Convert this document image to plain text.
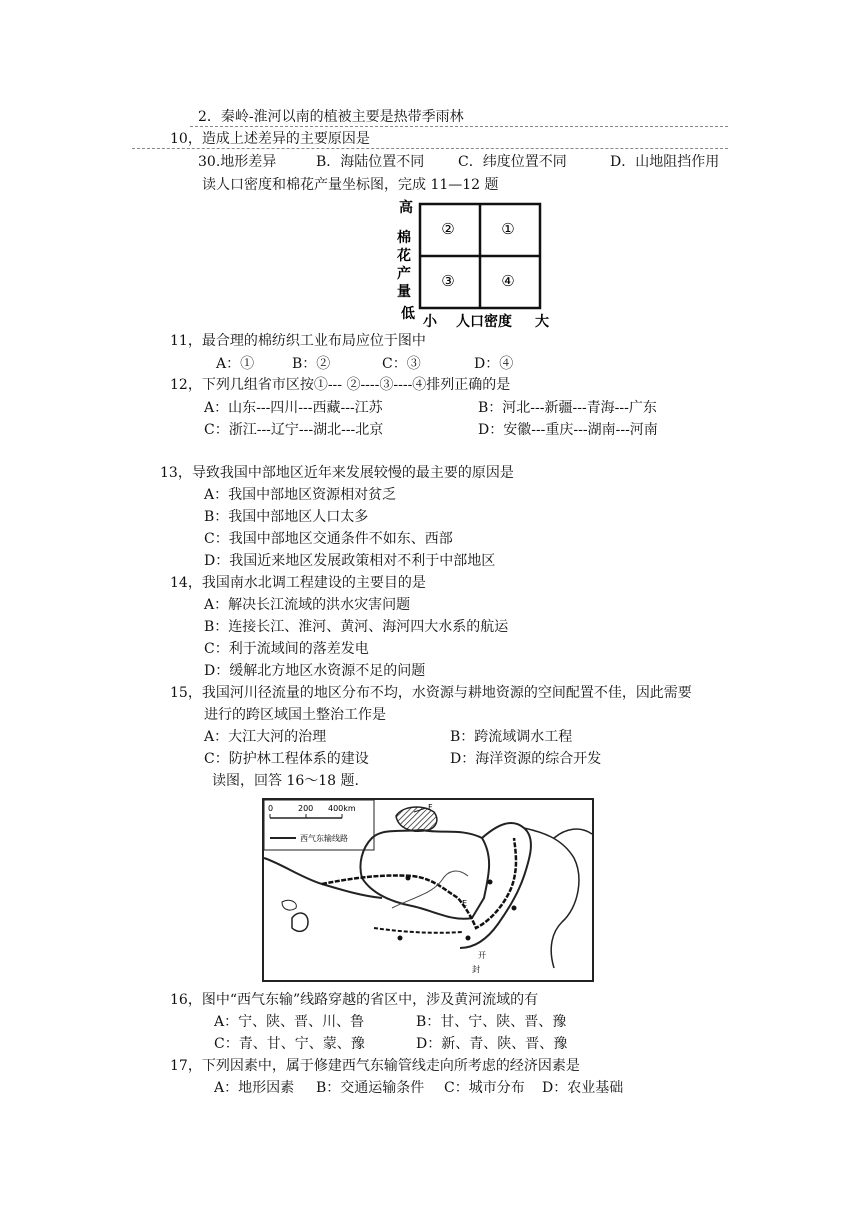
2．秦岭-淮河以南的植被主要是热带季雨林
10，造成上述差异的主要原因是
30.地形差异	B．海陆位置不同 C．纬度位置不同	D．山地阻挡作用
读人口密度和棉花产量坐标图，完成 11—12 题
高
棉
花
产
量
低
②	①
③	④
小 人口密度 大
11，最合理的棉纺织工业布局应位于图中
A：①	B：②	C：③	D：④
12，下列几组省市区按①--- ②----③----④排列正确的是
A：山东---四川---西藏---江苏	B：河北---新疆---青海---广东
C：浙江---辽宁---湖北---北京	D：安徽---重庆---湖南---河南
13，导致我国中部地区近年来发展较慢的最主要的原因是
A：我国中部地区资源相对贫乏
B：我国中部地区人口太多
C：我国中部地区交通条件不如东、西部
D：我国近来地区发展政策相对不利于中部地区
14，我国南水北调工程建设的主要目的是
A：解决长江流域的洪水灾害问题
B：连接长江、淮河、黄河、海河四大水系的航运
C：利于流域间的落差发电
D：缓解北方地区水资源不足的问题
15，我国河川径流量的地区分布不均，水资源与耕地资源的空间配置不佳，因此需要
进行的跨区域国土整治工作是
A：大江大河的治理	B：跨流域调水工程
C：防护林工程体系的建设	D：海洋资源的综合开发
读图，回答 16～18 题.
0	200 400km
西气东输线路
F
E
开
封
16，图中“西气东输”线路穿越的省区中，涉及黄河流域的有
A：宁、陕、晋、川、鲁	B：甘、宁、陕、晋、豫
C：青、甘、宁、蒙、豫	D：新、青、陕、晋、豫
17，下列因素中，属于修建西气东输管线走向所考虑的经济因素是
A：地形因素 B：交通运输条件 C：城市分布 D：农业基础
